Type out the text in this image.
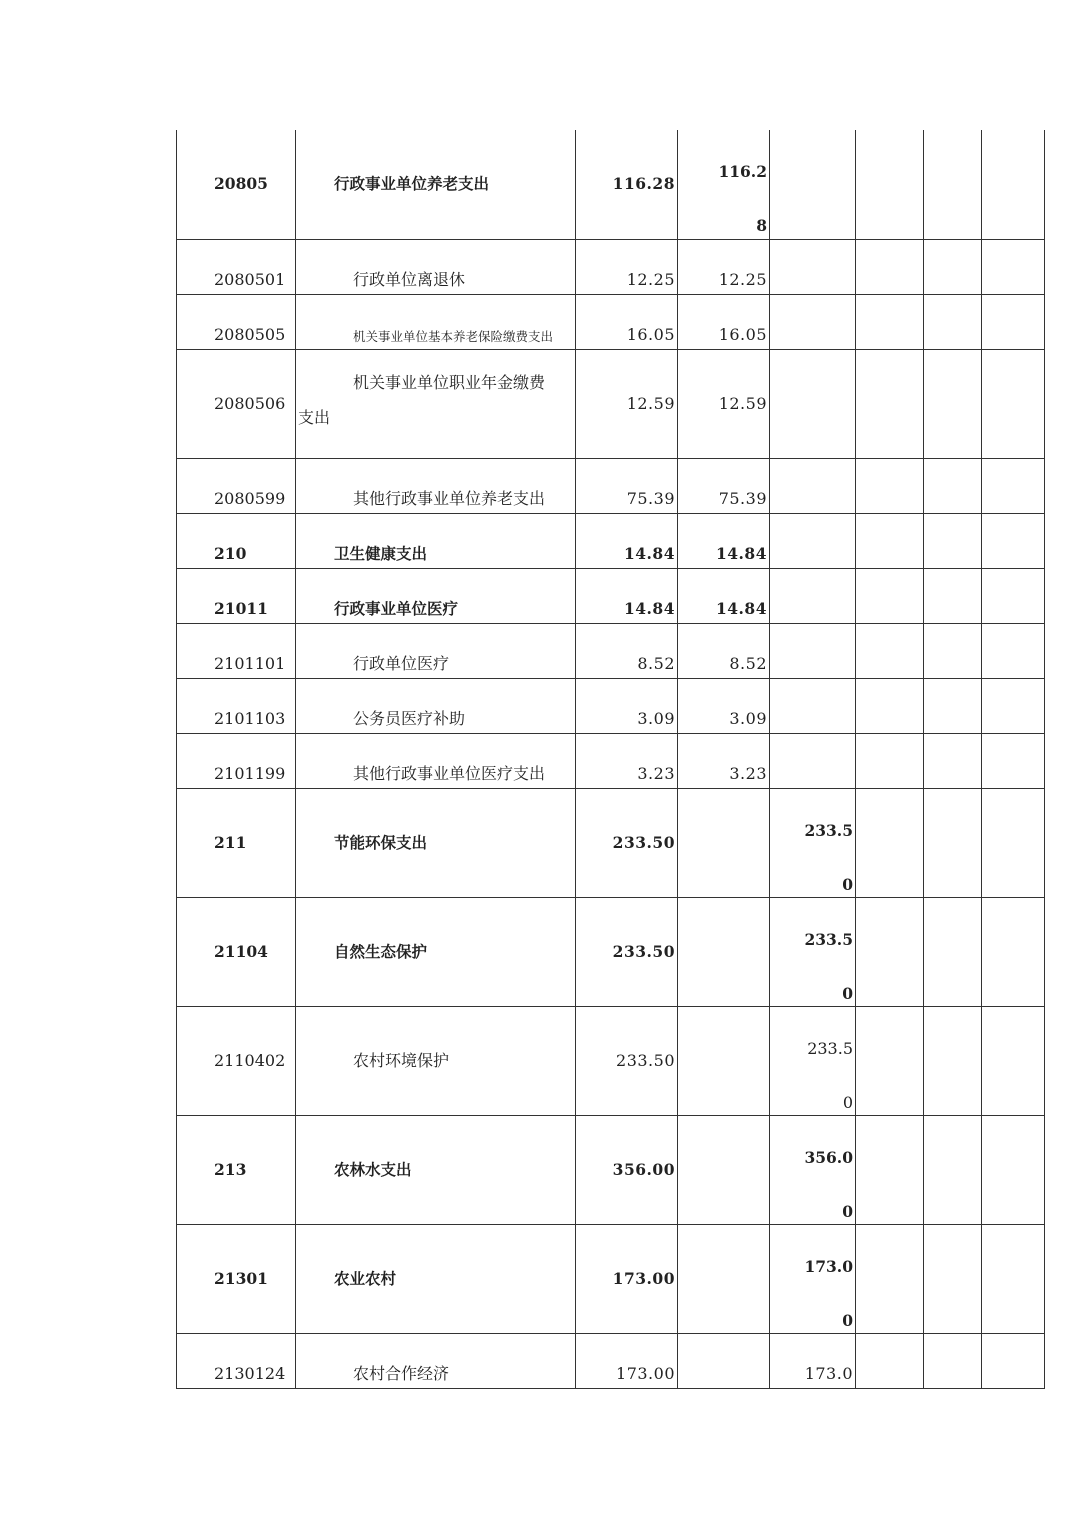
20805	行政事业单位养老支出	116.28	116.2
8				

2080501	行政单位离退休	12.25	12.25				
2080505	机关事业单位基本养老保险缴费支出	16.05	16.05				
2080506	机关事业单位职业年金缴费
支出	12.59	12.59				
2080599	其他行政事业单位养老支出	75.39	75.39				
210	卫生健康支出	14.84	14.84				
21011	行政事业单位医疗	14.84	14.84				
2101101	行政单位医疗	8.52	8.52				
2101103	公务员医疗补助	3.09	3.09				
2101199	其他行政事业单位医疗支出	3.23	3.23				
211	节能环保支出	233.50		233.5
0			

21104	自然生态保护	233.50		233.5
0			

2110402	农村环境保护	233.50		233.5
0			

213	农林水支出	356.00		356.0
0			

21301	农业农村	173.00		173.0
0			

2130124	农村合作经济	173.00		173.0			
